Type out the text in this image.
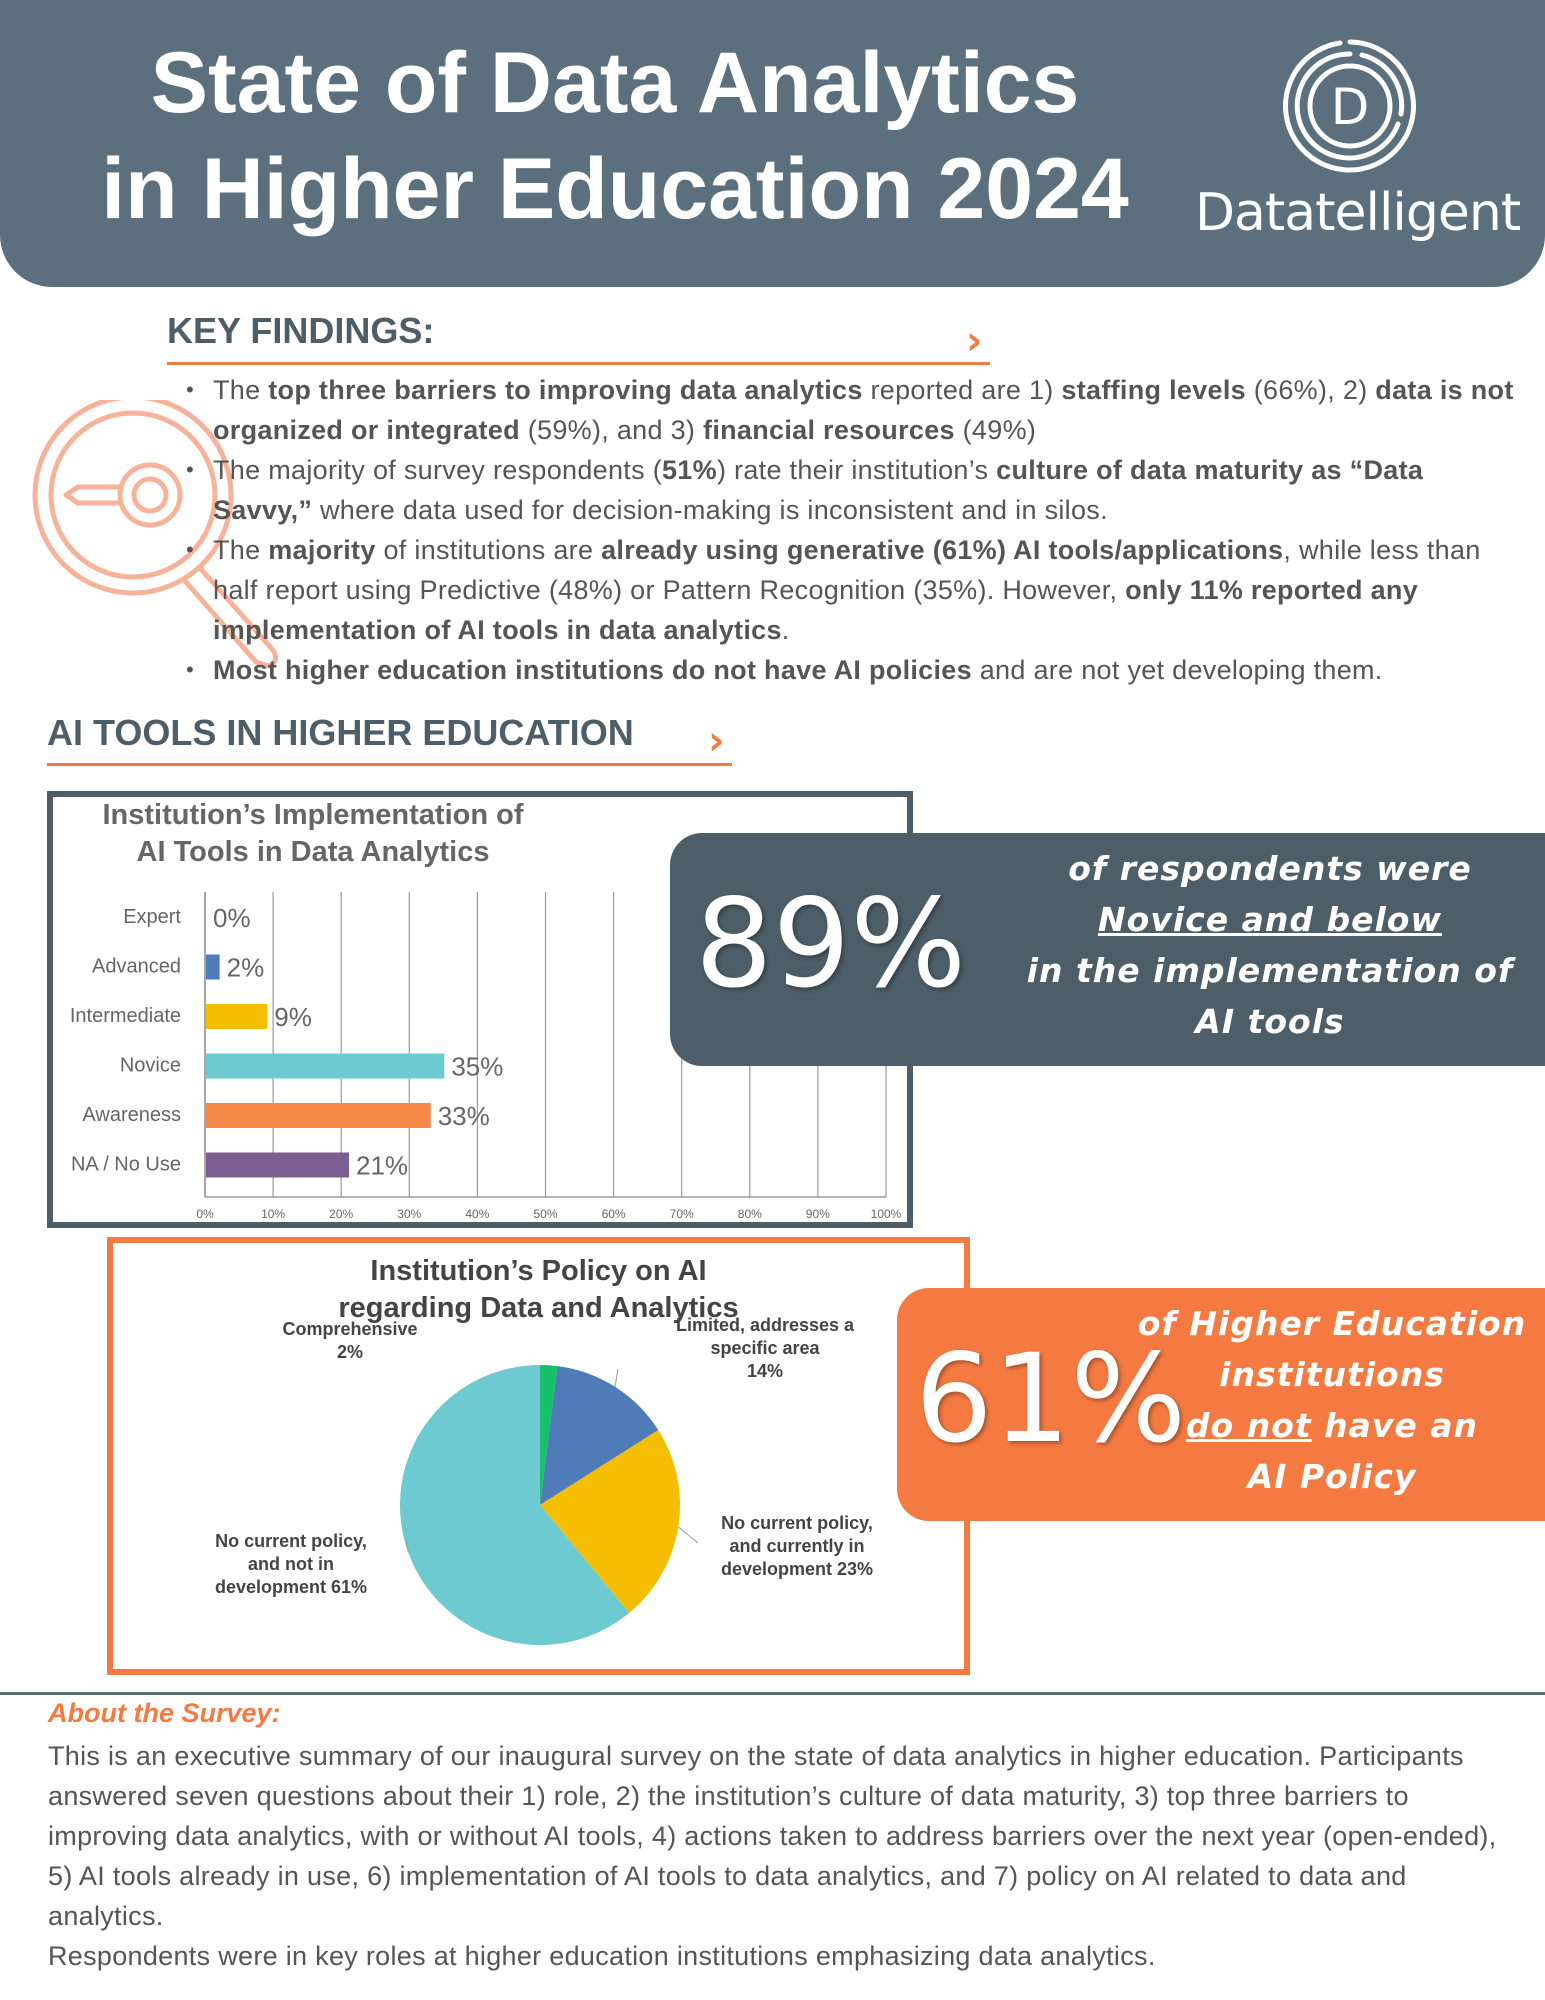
State of Data Analytics
in Higher Education 2024
D
Datatelligent
KEY FINDINGS:	›
• The top three barriers to improving data analytics reported are 1) staffing levels (66%), 2) data is not organized or integrated (59%), and 3) financial resources (49%)
• The majority of survey respondents (51%) rate their institution’s culture of data maturity as “Data Savvy,” where data used for decision-making is inconsistent and in silos.
• The majority of institutions are already using generative (61%) AI tools/applications, while less than half report using Predictive (48%) or Pattern Recognition (35%). However, only 11% reported any implementation of AI tools in data analytics.
• Most higher education institutions do not have AI policies and are not yet developing them.
AI TOOLS IN HIGHER EDUCATION ›
Institution’s Implementation of
AI Tools in Data Analytics
0%	10%	20%	30%	40%	50%	60%	70%	80%	90%	100%
Expert 0%
Advanced 2%
Intermediate	9%
Novice	35%
Awareness	33%
NA / No Use	21%
89%
of respondents were
Novice and below
in the implementation of
AI tools
Institution’s Policy on AI
regarding Data and Analytics
Comprehensive 2%
Limited, addresses a specific area 14%
No current policy, and currently in development 23%
No current policy, and not in development 61%
61%
of Higher Education
institutions
do not have an
AI Policy
About the Survey:

This is an executive summary of our inaugural survey on the state of data analytics in higher education. Participants answered seven questions about their 1) role, 2) the institution’s culture of data maturity, 3) top three barriers to improving data analytics, with or without AI tools, 4) actions taken to address barriers over the next year (open-ended), 5) AI tools already in use, 6) implementation of AI tools to data analytics, and 7) policy on AI related to data and analytics.

Respondents were in key roles at higher education institutions emphasizing data analytics.
